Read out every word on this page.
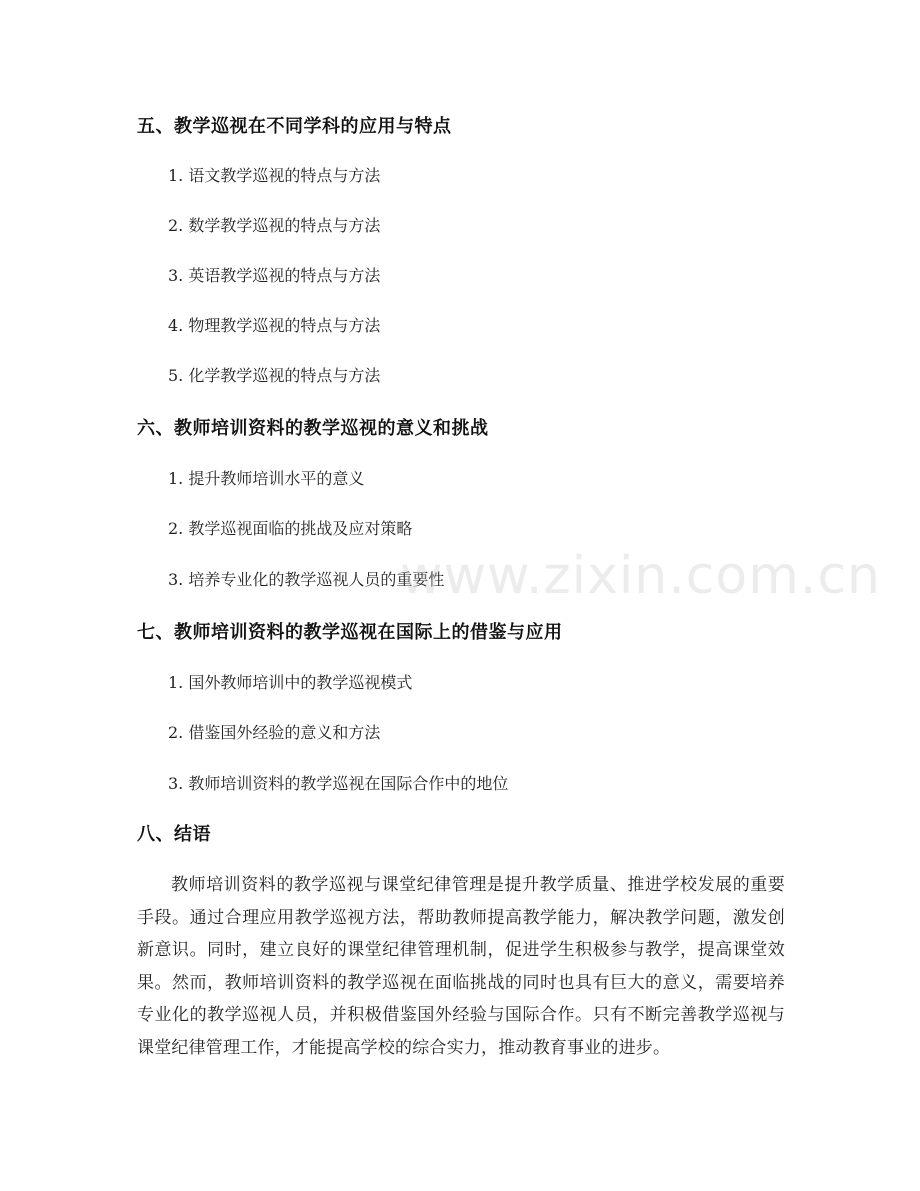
五、教学巡视在不同学科的应用与特点
1. 语文教学巡视的特点与方法
2. 数学教学巡视的特点与方法
3. 英语教学巡视的特点与方法
4. 物理教学巡视的特点与方法
5. 化学教学巡视的特点与方法
六、教师培训资料的教学巡视的意义和挑战
1. 提升教师培训水平的意义
2. 教学巡视面临的挑战及应对策略
3. 培养专业化的教学巡视人员的重要性
七、教师培训资料的教学巡视在国际上的借鉴与应用
1. 国外教师培训中的教学巡视模式
2. 借鉴国外经验的意义和方法
3. 教师培训资料的教学巡视在国际合作中的地位
八、结语
教师培训资料的教学巡视与课堂纪律管理是提升教学质量、推进学校发展的重要手段。通过合理应用教学巡视方法，帮助教师提高教学能力，解决教学问题，激发创新意识。同时，建立良好的课堂纪律管理机制，促进学生积极参与教学，提高课堂效果。然而，教师培训资料的教学巡视在面临挑战的同时也具有巨大的意义，需要培养专业化的教学巡视人员，并积极借鉴国外经验与国际合作。只有不断完善教学巡视与课堂纪律管理工作，才能提高学校的综合实力，推动教育事业的进步。
www.zixin.com.cn
